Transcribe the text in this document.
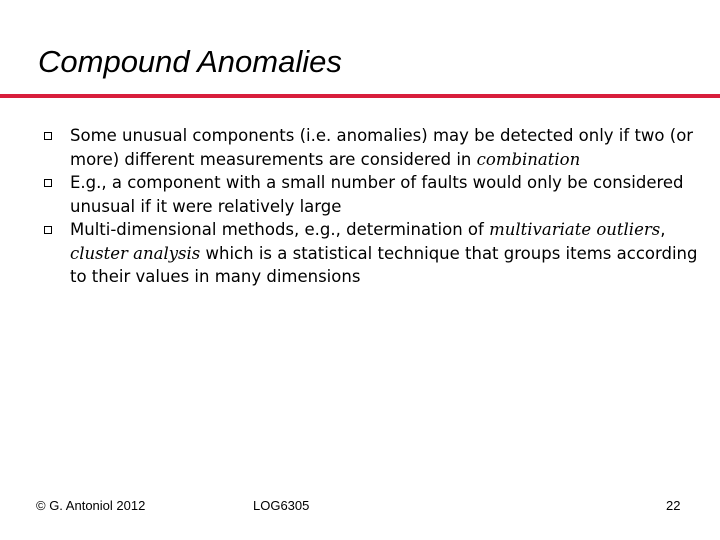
Compound Anomalies
Some unusual components (i.e. anomalies) may be detected only if two (or more) different measurements are considered in combination
E.g., a component with a small number of faults would only be considered unusual if it were relatively large
Multi-dimensional methods, e.g., determination of multivariate outliers, cluster analysis which is a statistical technique that groups items according to their values in many dimensions
© G. Antoniol 2012	LOG6305	22
